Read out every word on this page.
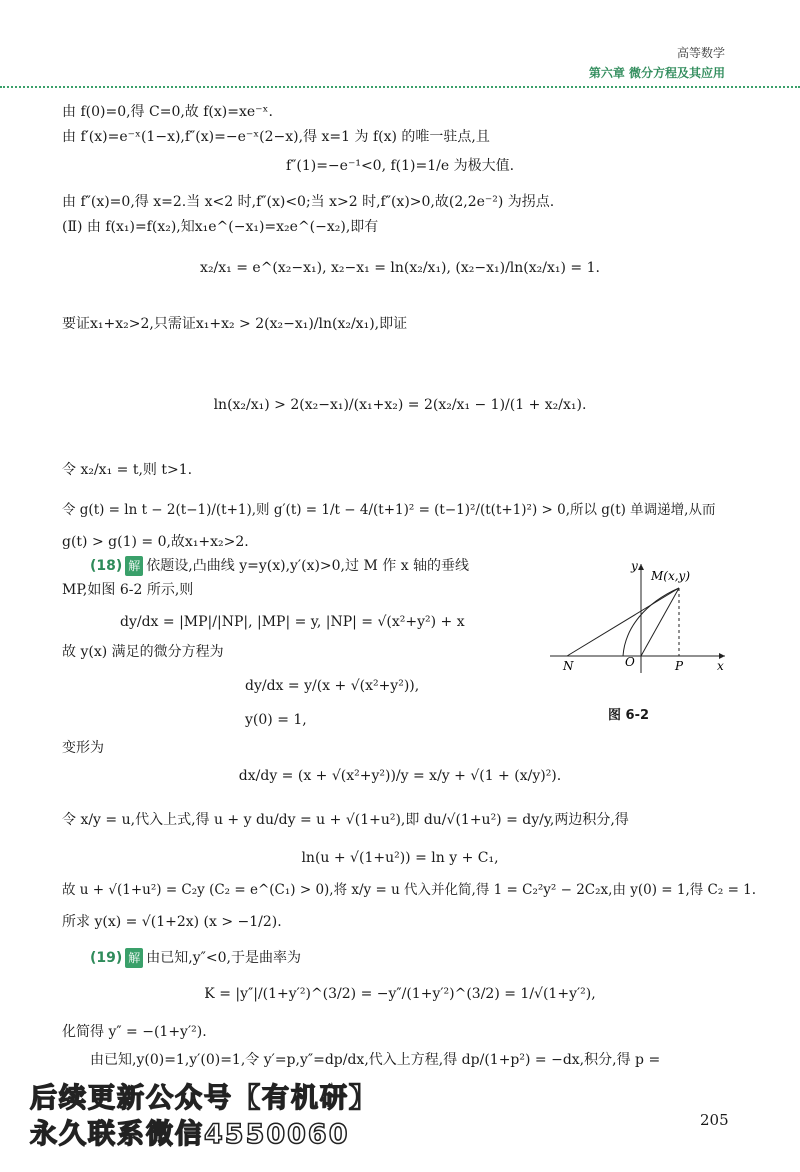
高等数学
第六章 微分方程及其应用
由 f(0)=0,得 C=0,故 f(x)=xe⁻ˣ.
由 f′(x)=e⁻ˣ(1−x),f″(x)=−e⁻ˣ(2−x),得 x=1 为 f(x) 的唯一驻点,且
f″(1)=−e⁻¹<0, f(1)=1/e 为极大值.
由 f″(x)=0,得 x=2.当 x<2 时,f″(x)<0;当 x>2 时,f″(x)>0,故(2,2e⁻²) 为拐点.
(Ⅱ) 由 f(x₁)=f(x₂),知x₁e^(−x₁)=x₂e^(−x₂),即有
x₂/x₁ = e^(x₂−x₁), x₂−x₁ = ln(x₂/x₁), (x₂−x₁)/ln(x₂/x₁) = 1.
要证x₁+x₂>2,只需证x₁+x₂ > 2(x₂−x₁)/ln(x₂/x₁),即证
ln(x₂/x₁) > 2(x₂−x₁)/(x₁+x₂) = 2(x₂/x₁ − 1)/(1 + x₂/x₁).
令 x₂/x₁ = t,则 t>1.
令 g(t) = ln t − 2(t−1)/(t+1),则 g′(t) = 1/t − 4/(t+1)² = (t−1)²/(t(t+1)²) > 0,所以 g(t) 单调递增,从而
g(t) > g(1) = 0,故x₁+x₂>2.
(18) 解 依题设,凸曲线 y=y(x),y′(x)>0,过 M 作 x 轴的垂线
MP,如图 6-2 所示,则
dy/dx = |MP|/|NP|, |MP| = y, |NP| = √(x²+y²) + x
故 y(x) 满足的微分方程为
dy/dx = y/(x + √(x²+y²)),
y(0) = 1,
y
x
M(x,y)
N	O	P
图 6-2
变形为
dx/dy = (x + √(x²+y²))/y = x/y + √(1 + (x/y)²).
令 x/y = u,代入上式,得 u + y du/dy = u + √(1+u²),即 du/√(1+u²) = dy/y,两边积分,得
ln(u + √(1+u²)) = ln y + C₁,
故 u + √(1+u²) = C₂y (C₂ = e^(C₁) > 0),将 x/y = u 代入并化简,得 1 = C₂²y² − 2C₂x,由 y(0) = 1,得 C₂ = 1.
所求 y(x) = √(1+2x) (x > −1/2).
(19) 解 由已知,y″<0,于是曲率为
K = |y″|/(1+y′²)^(3/2) = −y″/(1+y′²)^(3/2) = 1/√(1+y′²),
化简得 y″ = −(1+y′²).
由已知,y(0)=1,y′(0)=1,令 y′=p,y″=dp/dx,代入上方程,得 dp/(1+p²) = −dx,积分,得 p =
后续更新公众号【有机研】
永久联系微信4550060	205
